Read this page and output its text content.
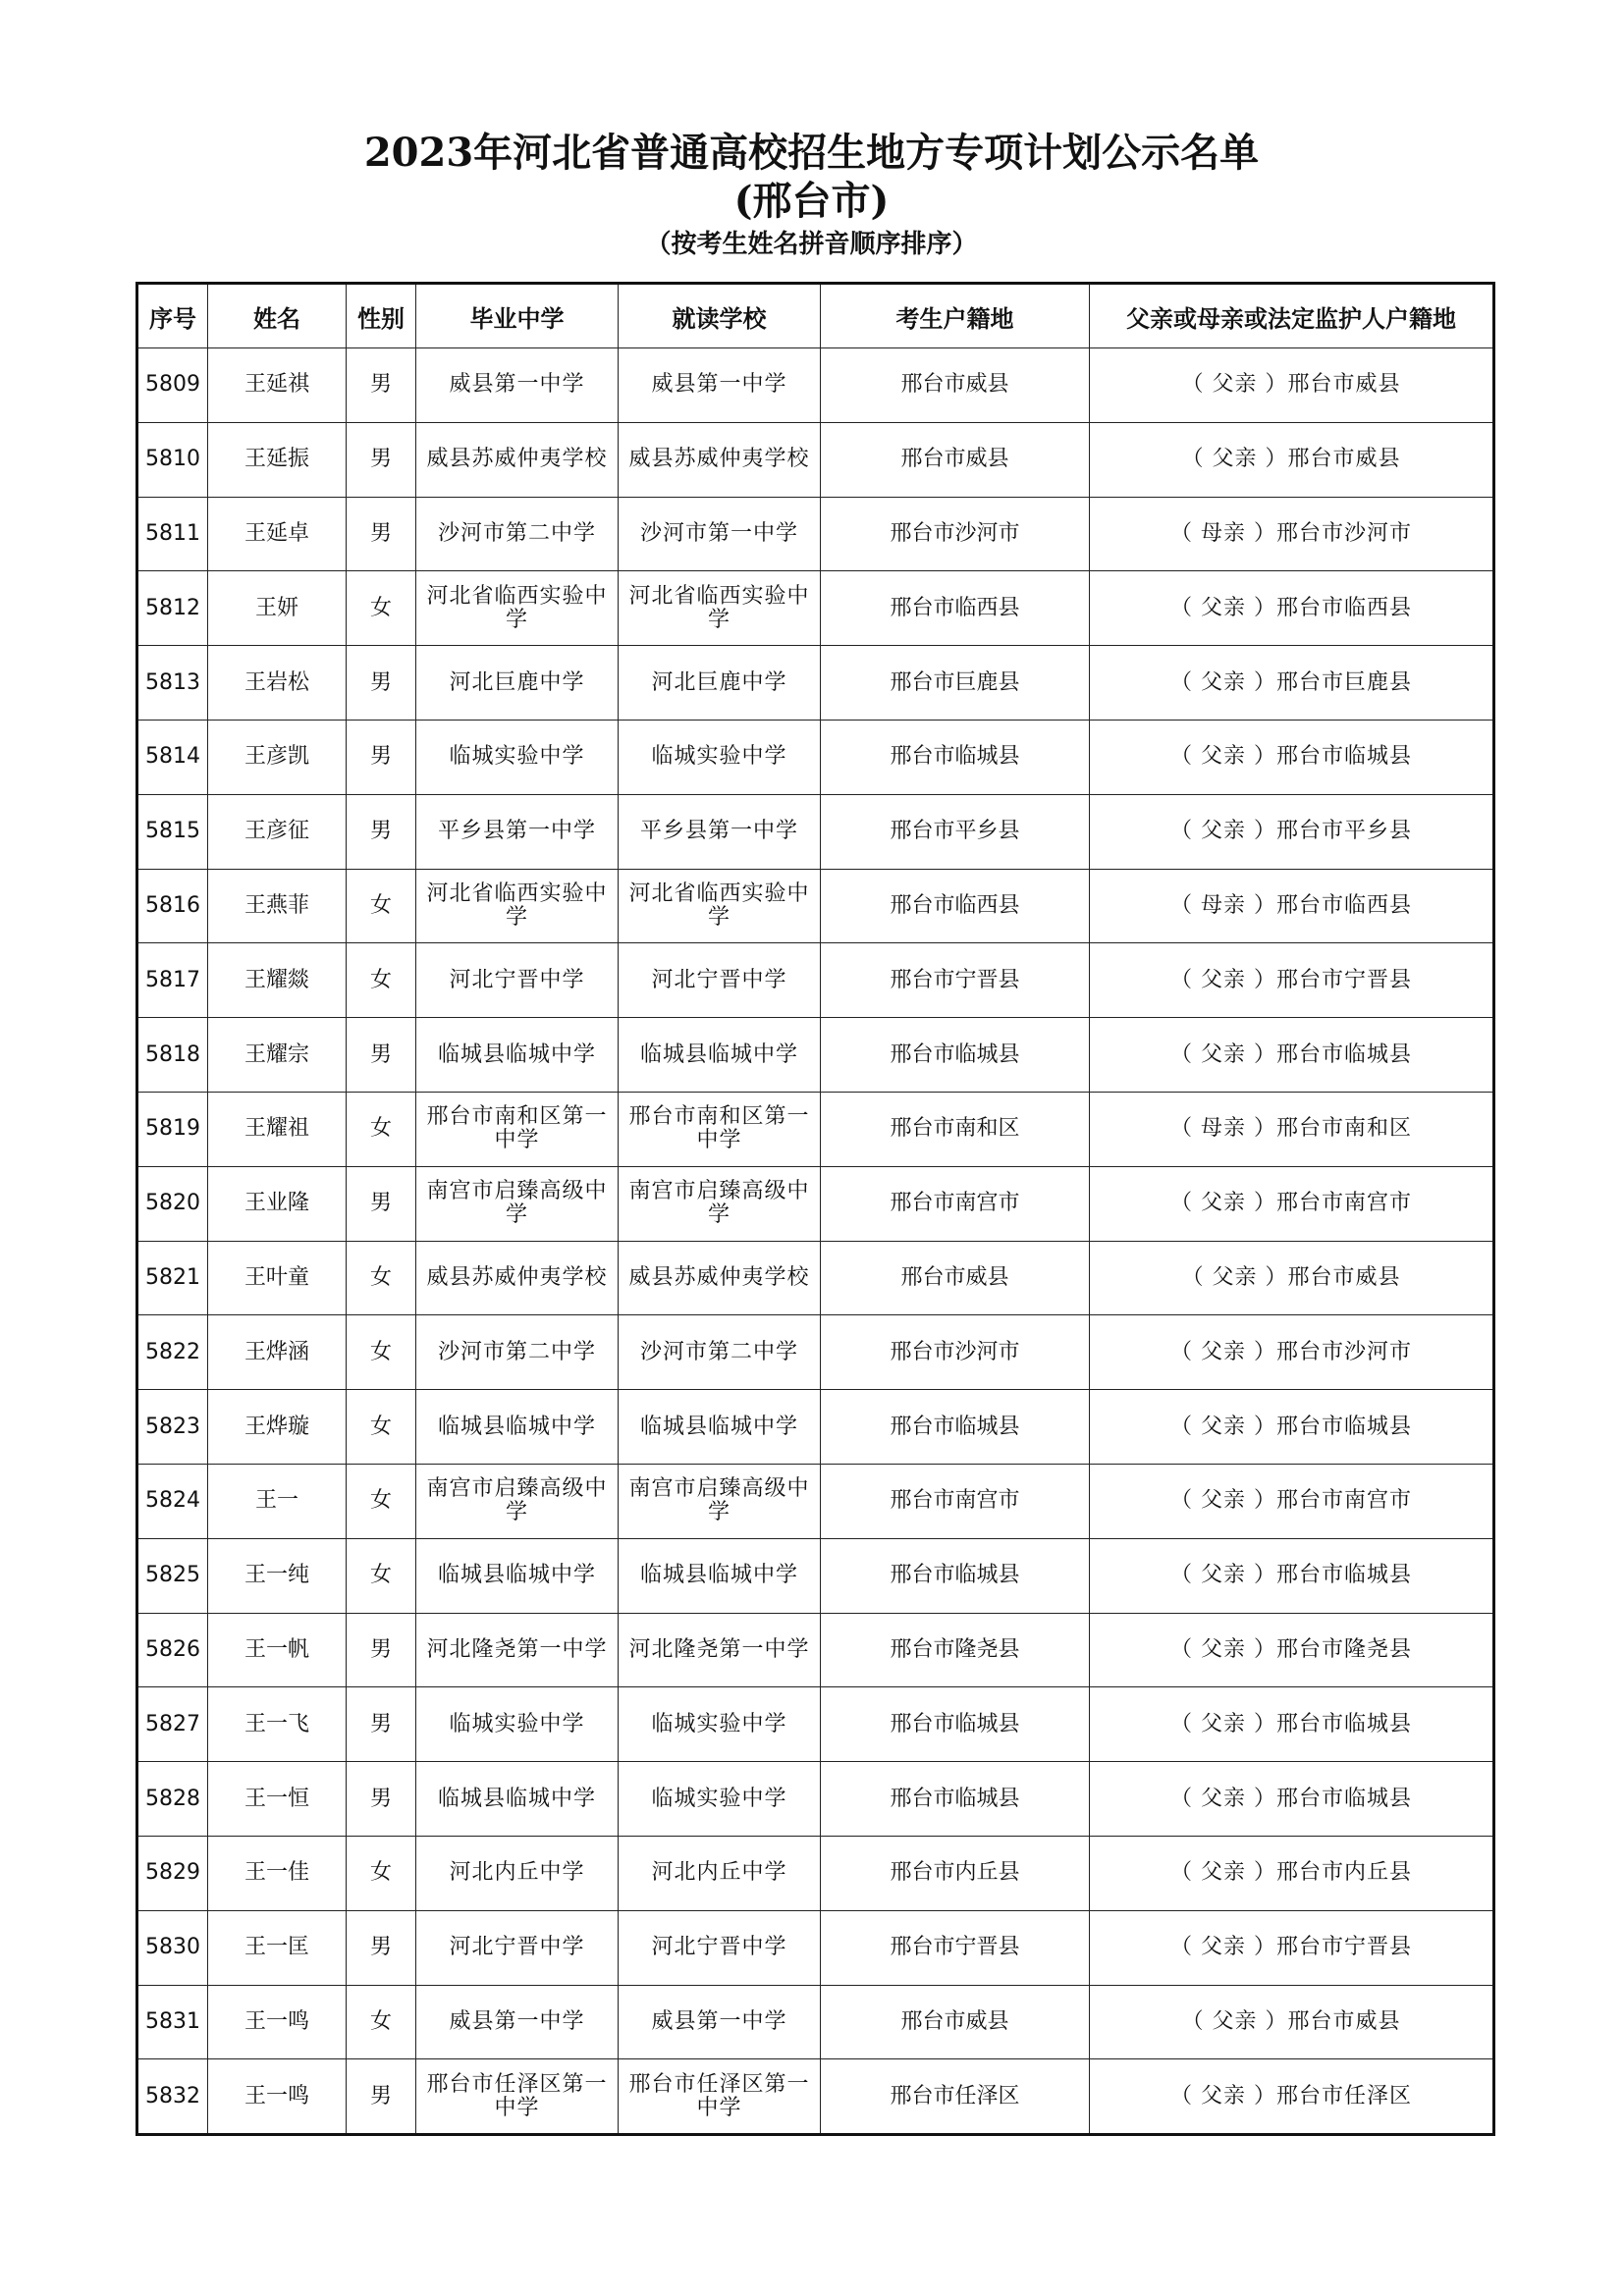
2023年河北省普通高校招生地方专项计划公示名单
(邢台市)
（按考生姓名拼音顺序排序）
序号	姓名	性别	毕业中学	就读学校	考生户籍地	父亲或母亲或法定监护人户籍地
5809	王延祺	男	威县第一中学	威县第一中学	邢台市威县	（ 父亲 ）邢台市威县
5810	王延振	男	威县苏威仲夷学校	威县苏威仲夷学校	邢台市威县	（ 父亲 ）邢台市威县
5811	王延卓	男	沙河市第二中学	沙河市第一中学	邢台市沙河市	（ 母亲 ）邢台市沙河市
5812	王妍	女	河北省临西实验中学	河北省临西实验中学	邢台市临西县	（ 父亲 ）邢台市临西县
5813	王岩松	男	河北巨鹿中学	河北巨鹿中学	邢台市巨鹿县	（ 父亲 ）邢台市巨鹿县
5814	王彦凯	男	临城实验中学	临城实验中学	邢台市临城县	（ 父亲 ）邢台市临城县
5815	王彦征	男	平乡县第一中学	平乡县第一中学	邢台市平乡县	（ 父亲 ）邢台市平乡县
5816	王燕菲	女	河北省临西实验中学	河北省临西实验中学	邢台市临西县	（ 母亲 ）邢台市临西县
5817	王耀燚	女	河北宁晋中学	河北宁晋中学	邢台市宁晋县	（ 父亲 ）邢台市宁晋县
5818	王耀宗	男	临城县临城中学	临城县临城中学	邢台市临城县	（ 父亲 ）邢台市临城县
5819	王耀祖	女	邢台市南和区第一中学	邢台市南和区第一中学	邢台市南和区	（ 母亲 ）邢台市南和区
5820	王业隆	男	南宫市启臻高级中学	南宫市启臻高级中学	邢台市南宫市	（ 父亲 ）邢台市南宫市
5821	王叶童	女	威县苏威仲夷学校	威县苏威仲夷学校	邢台市威县	（ 父亲 ）邢台市威县
5822	王烨涵	女	沙河市第二中学	沙河市第二中学	邢台市沙河市	（ 父亲 ）邢台市沙河市
5823	王烨璇	女	临城县临城中学	临城县临城中学	邢台市临城县	（ 父亲 ）邢台市临城县
5824	王一	女	南宫市启臻高级中学	南宫市启臻高级中学	邢台市南宫市	（ 父亲 ）邢台市南宫市
5825	王一纯	女	临城县临城中学	临城县临城中学	邢台市临城县	（ 父亲 ）邢台市临城县
5826	王一帆	男	河北隆尧第一中学	河北隆尧第一中学	邢台市隆尧县	（ 父亲 ）邢台市隆尧县
5827	王一飞	男	临城实验中学	临城实验中学	邢台市临城县	（ 父亲 ）邢台市临城县
5828	王一恒	男	临城县临城中学	临城实验中学	邢台市临城县	（ 父亲 ）邢台市临城县
5829	王一佳	女	河北内丘中学	河北内丘中学	邢台市内丘县	（ 父亲 ）邢台市内丘县
5830	王一匡	男	河北宁晋中学	河北宁晋中学	邢台市宁晋县	（ 父亲 ）邢台市宁晋县
5831	王一鸣	女	威县第一中学	威县第一中学	邢台市威县	（ 父亲 ）邢台市威县
5832	王一鸣	男	邢台市任泽区第一中学	邢台市任泽区第一中学	邢台市任泽区	（ 父亲 ）邢台市任泽区
